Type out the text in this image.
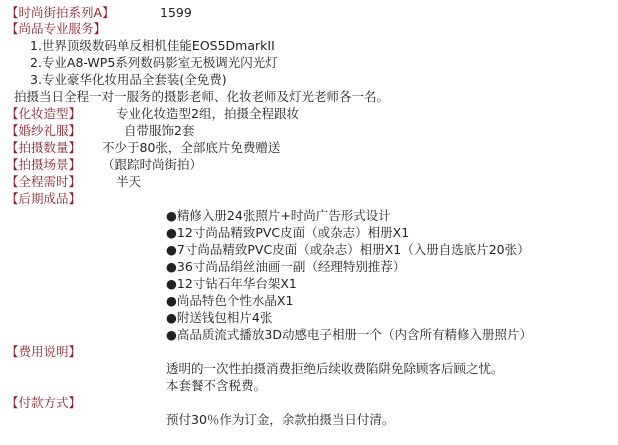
【时尚街拍系列A】	1599
【尚品专业服务】
1.世界顶级数码单反相机佳能EOS5DmarkII
2.专业A8-WP5系列数码影室无极调光闪光灯
3.专业豪华化妆用品全套装(全免费)
拍摄当日全程一对一服务的摄影老师、化妆老师及灯光老师各一名。
【化妆造型】	专业化妆造型2组，拍摄全程跟妆
【婚纱礼服】	自带服饰2套
【拍摄数量】 不少于80张，全部底片免费赠送
【拍摄场景】 （跟踪时尚街拍）
【全程需时】	半天
【后期成品】
●精修入册24张照片+时尚广告形式设计
●12寸尚品精致PVC皮面（或杂志）相册X1
●7寸尚品精致PVC皮面（或杂志）相册X1（入册自选底片20张）
●36寸尚品绢丝油画一副（经理特别推荐）
●12寸钻石年华台架X1
●尚品特色个性水晶X1
●附送钱包相片4张
●高品质流式播放3D动感电子相册一个（内含所有精修入册照片）
【费用说明】
透明的一次性拍摄消费拒绝后续收费陷阱免除顾客后顾之忧。
本套餐不含税费。
【付款方式】
预付30％作为订金，余款拍摄当日付清。
